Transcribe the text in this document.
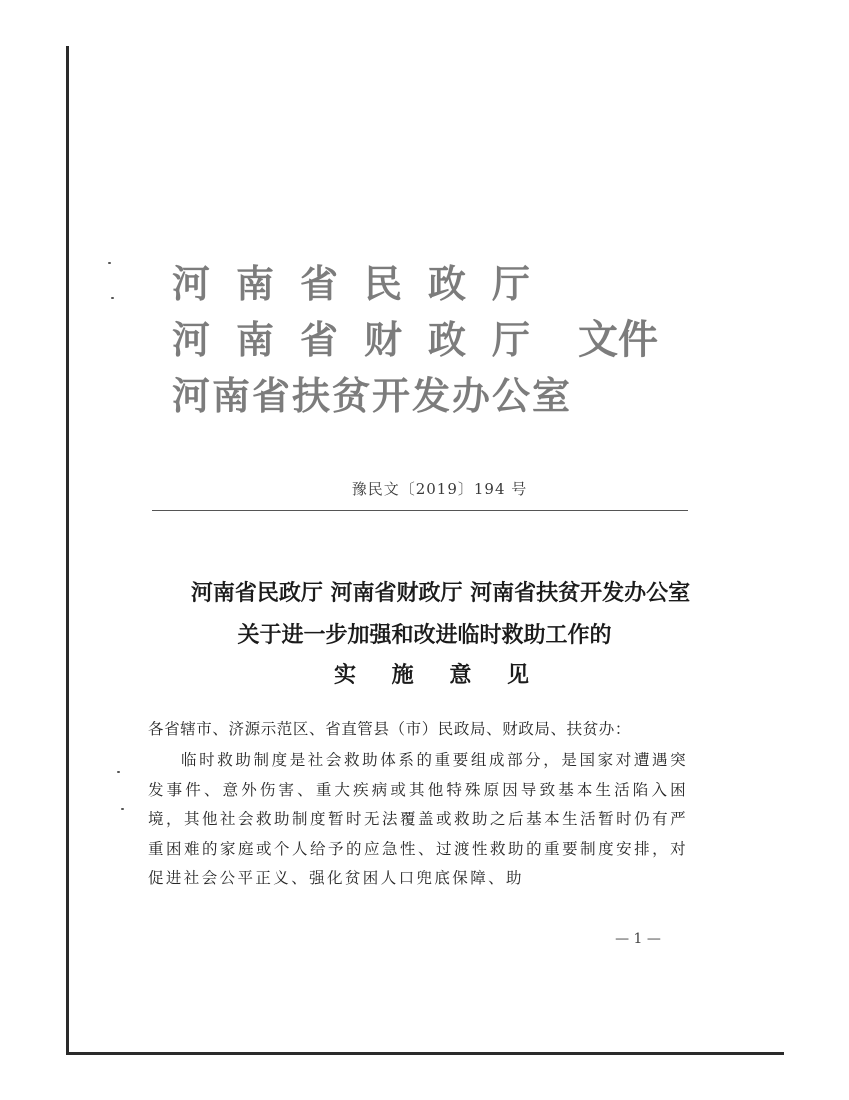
河南省民政厅
河南省财政厅
河南省扶贫开发办公室
文件
豫民文〔2019〕194 号
河南省民政厅 河南省财政厅 河南省扶贫开发办公室
关于进一步加强和改进临时救助工作的
实 施 意 见
各省辖市、济源示范区、省直管县（市）民政局、财政局、扶贫办：
临时救助制度是社会救助体系的重要组成部分，是国家对遭遇突发事件、意外伤害、重大疾病或其他特殊原因导致基本生活陷入困境，其他社会救助制度暂时无法覆盖或救助之后基本生活暂时仍有严重困难的家庭或个人给予的应急性、过渡性救助的重要制度安排，对促进社会公平正义、强化贫困人口兜底保障、助
— 1 —
